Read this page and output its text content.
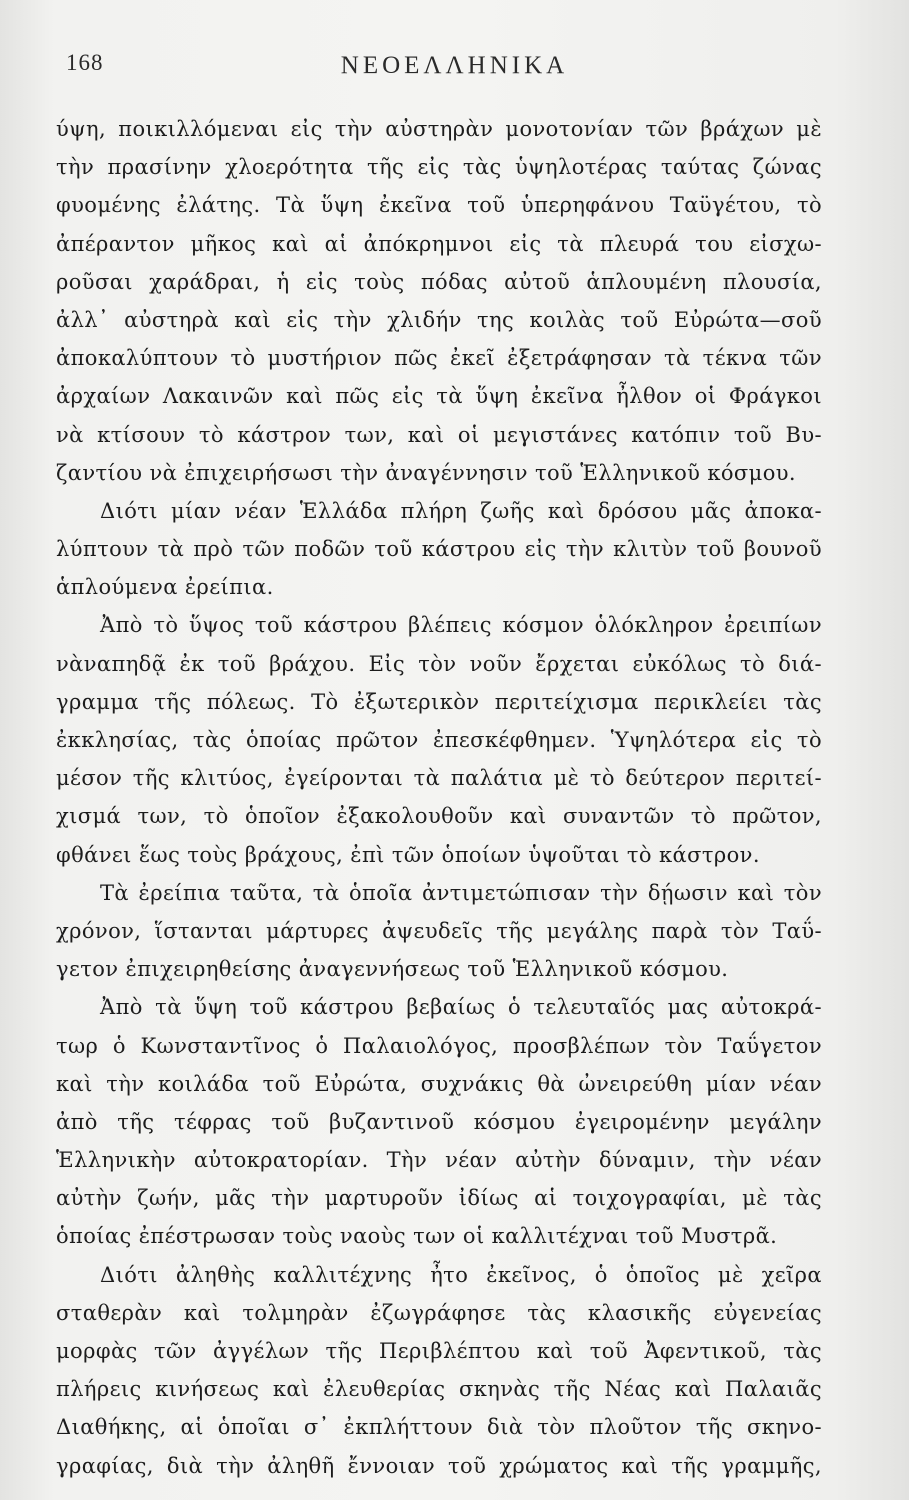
168	ΝΕΟΕΛΛΗΝΙΚΑ
ύψη, ποικιλλόμεναι εἰς τὴν αὐστηρὰν μονοτονίαν τῶν βράχων μὲ
τὴν πρασίνην χλοερότητα τῆς εἰς τὰς ὑψηλοτέρας ταύτας ζώνας
φυομένης ἐλάτης. Τὰ ὕψη ἐκεῖνα τοῦ ὑπερηφάνου Ταϋγέτου, τὸ
ἀπέραντον μῆκος καὶ αἱ ἀπόκρημνοι εἰς τὰ πλευρά του εἰσχω-
ροῦσαι χαράδραι, ἡ εἰς τοὺς πόδας αὐτοῦ ἁπλουμένη πλουσία,
ἀλλ᾽ αὐστηρὰ καὶ εἰς τὴν χλιδήν της κοιλὰς τοῦ Εὐρώτα—σοῦ
ἀποκαλύπτουν τὸ μυστήριον πῶς ἐκεῖ ἐξετράφησαν τὰ τέκνα τῶν
ἀρχαίων Λακαινῶν καὶ πῶς εἰς τὰ ὕψη ἐκεῖνα ἦλθον οἱ Φράγκοι
νὰ κτίσουν τὸ κάστρον των, καὶ οἱ μεγιστάνες κατόπιν τοῦ Βυ-
ζαντίου νὰ ἐπιχειρήσωσι τὴν ἀναγέννησιν τοῦ Ἑλληνικοῦ κόσμου.
Διότι μίαν νέαν Ἑλλάδα πλήρη ζωῆς καὶ δρόσου μᾶς ἀποκα-
λύπτουν τὰ πρὸ τῶν ποδῶν τοῦ κάστρου εἰς τὴν κλιτὺν τοῦ βουνοῦ
ἁπλούμενα ἐρείπια.
Ἀπὸ τὸ ὕψος τοῦ κάστρου βλέπεις κόσμον ὁλόκληρον ἐρειπίων
νὰναπηδᾷ ἐκ τοῦ βράχου. Εἰς τὸν νοῦν ἔρχεται εὐκόλως τὸ διά-
γραμμα τῆς πόλεως. Τὸ ἐξωτερικὸν περιτείχισμα περικλείει τὰς
ἐκκλησίας, τὰς ὁποίας πρῶτον ἐπεσκέφθημεν. Ὑψηλότερα εἰς τὸ
μέσον τῆς κλιτύος, ἐγείρονται τὰ παλάτια μὲ τὸ δεύτερον περιτεί-
χισμά των, τὸ ὁποῖον ἐξακολουθοῦν καὶ συναντῶν τὸ πρῶτον,
φθάνει ἕως τοὺς βράχους, ἐπὶ τῶν ὁποίων ὑψοῦται τὸ κάστρον.
Τὰ ἐρείπια ταῦτα, τὰ ὁποῖα ἀντιμετώπισαν τὴν δῄωσιν καὶ τὸν
χρόνον, ἵστανται μάρτυρες ἀψευδεῖς τῆς μεγάλης παρὰ τὸν Ταΰ-
γετον ἐπιχειρηθείσης ἀναγεννήσεως τοῦ Ἑλληνικοῦ κόσμου.
Ἀπὸ τὰ ὕψη τοῦ κάστρου βεβαίως ὁ τελευταῖός μας αὐτοκρά-
τωρ ὁ Κωνσταντῖνος ὁ Παλαιολόγος, προσβλέπων τὸν Ταΰγετον
καὶ τὴν κοιλάδα τοῦ Εὐρώτα, συχνάκις θὰ ὠνειρεύθη μίαν νέαν
ἀπὸ τῆς τέφρας τοῦ βυζαντινοῦ κόσμου ἐγειρομένην μεγάλην
Ἑλληνικὴν αὐτοκρατορίαν. Τὴν νέαν αὐτὴν δύναμιν, τὴν νέαν
αὐτὴν ζωήν, μᾶς τὴν μαρτυροῦν ἰδίως αἱ τοιχογραφίαι, μὲ τὰς
ὁποίας ἐπέστρωσαν τοὺς ναοὺς των οἱ καλλιτέχναι τοῦ Μυστρᾶ.
Διότι ἀληθὴς καλλιτέχνης ἦτο ἐκεῖνος, ὁ ὁποῖος μὲ χεῖρα
σταθερὰν καὶ τολμηρὰν ἐζωγράφησε τὰς κλασικῆς εὐγενείας
μορφὰς τῶν ἀγγέλων τῆς Περιβλέπτου καὶ τοῦ Ἀφεντικοῦ, τὰς
πλήρεις κινήσεως καὶ ἐλευθερίας σκηνὰς τῆς Νέας καὶ Παλαιᾶς
Διαθήκης, αἱ ὁποῖαι σ᾽ ἐκπλήττουν διὰ τὸν πλοῦτον τῆς σκηνο-
γραφίας, διὰ τὴν ἀληθῆ ἔννοιαν τοῦ χρώματος καὶ τῆς γραμμῆς,
